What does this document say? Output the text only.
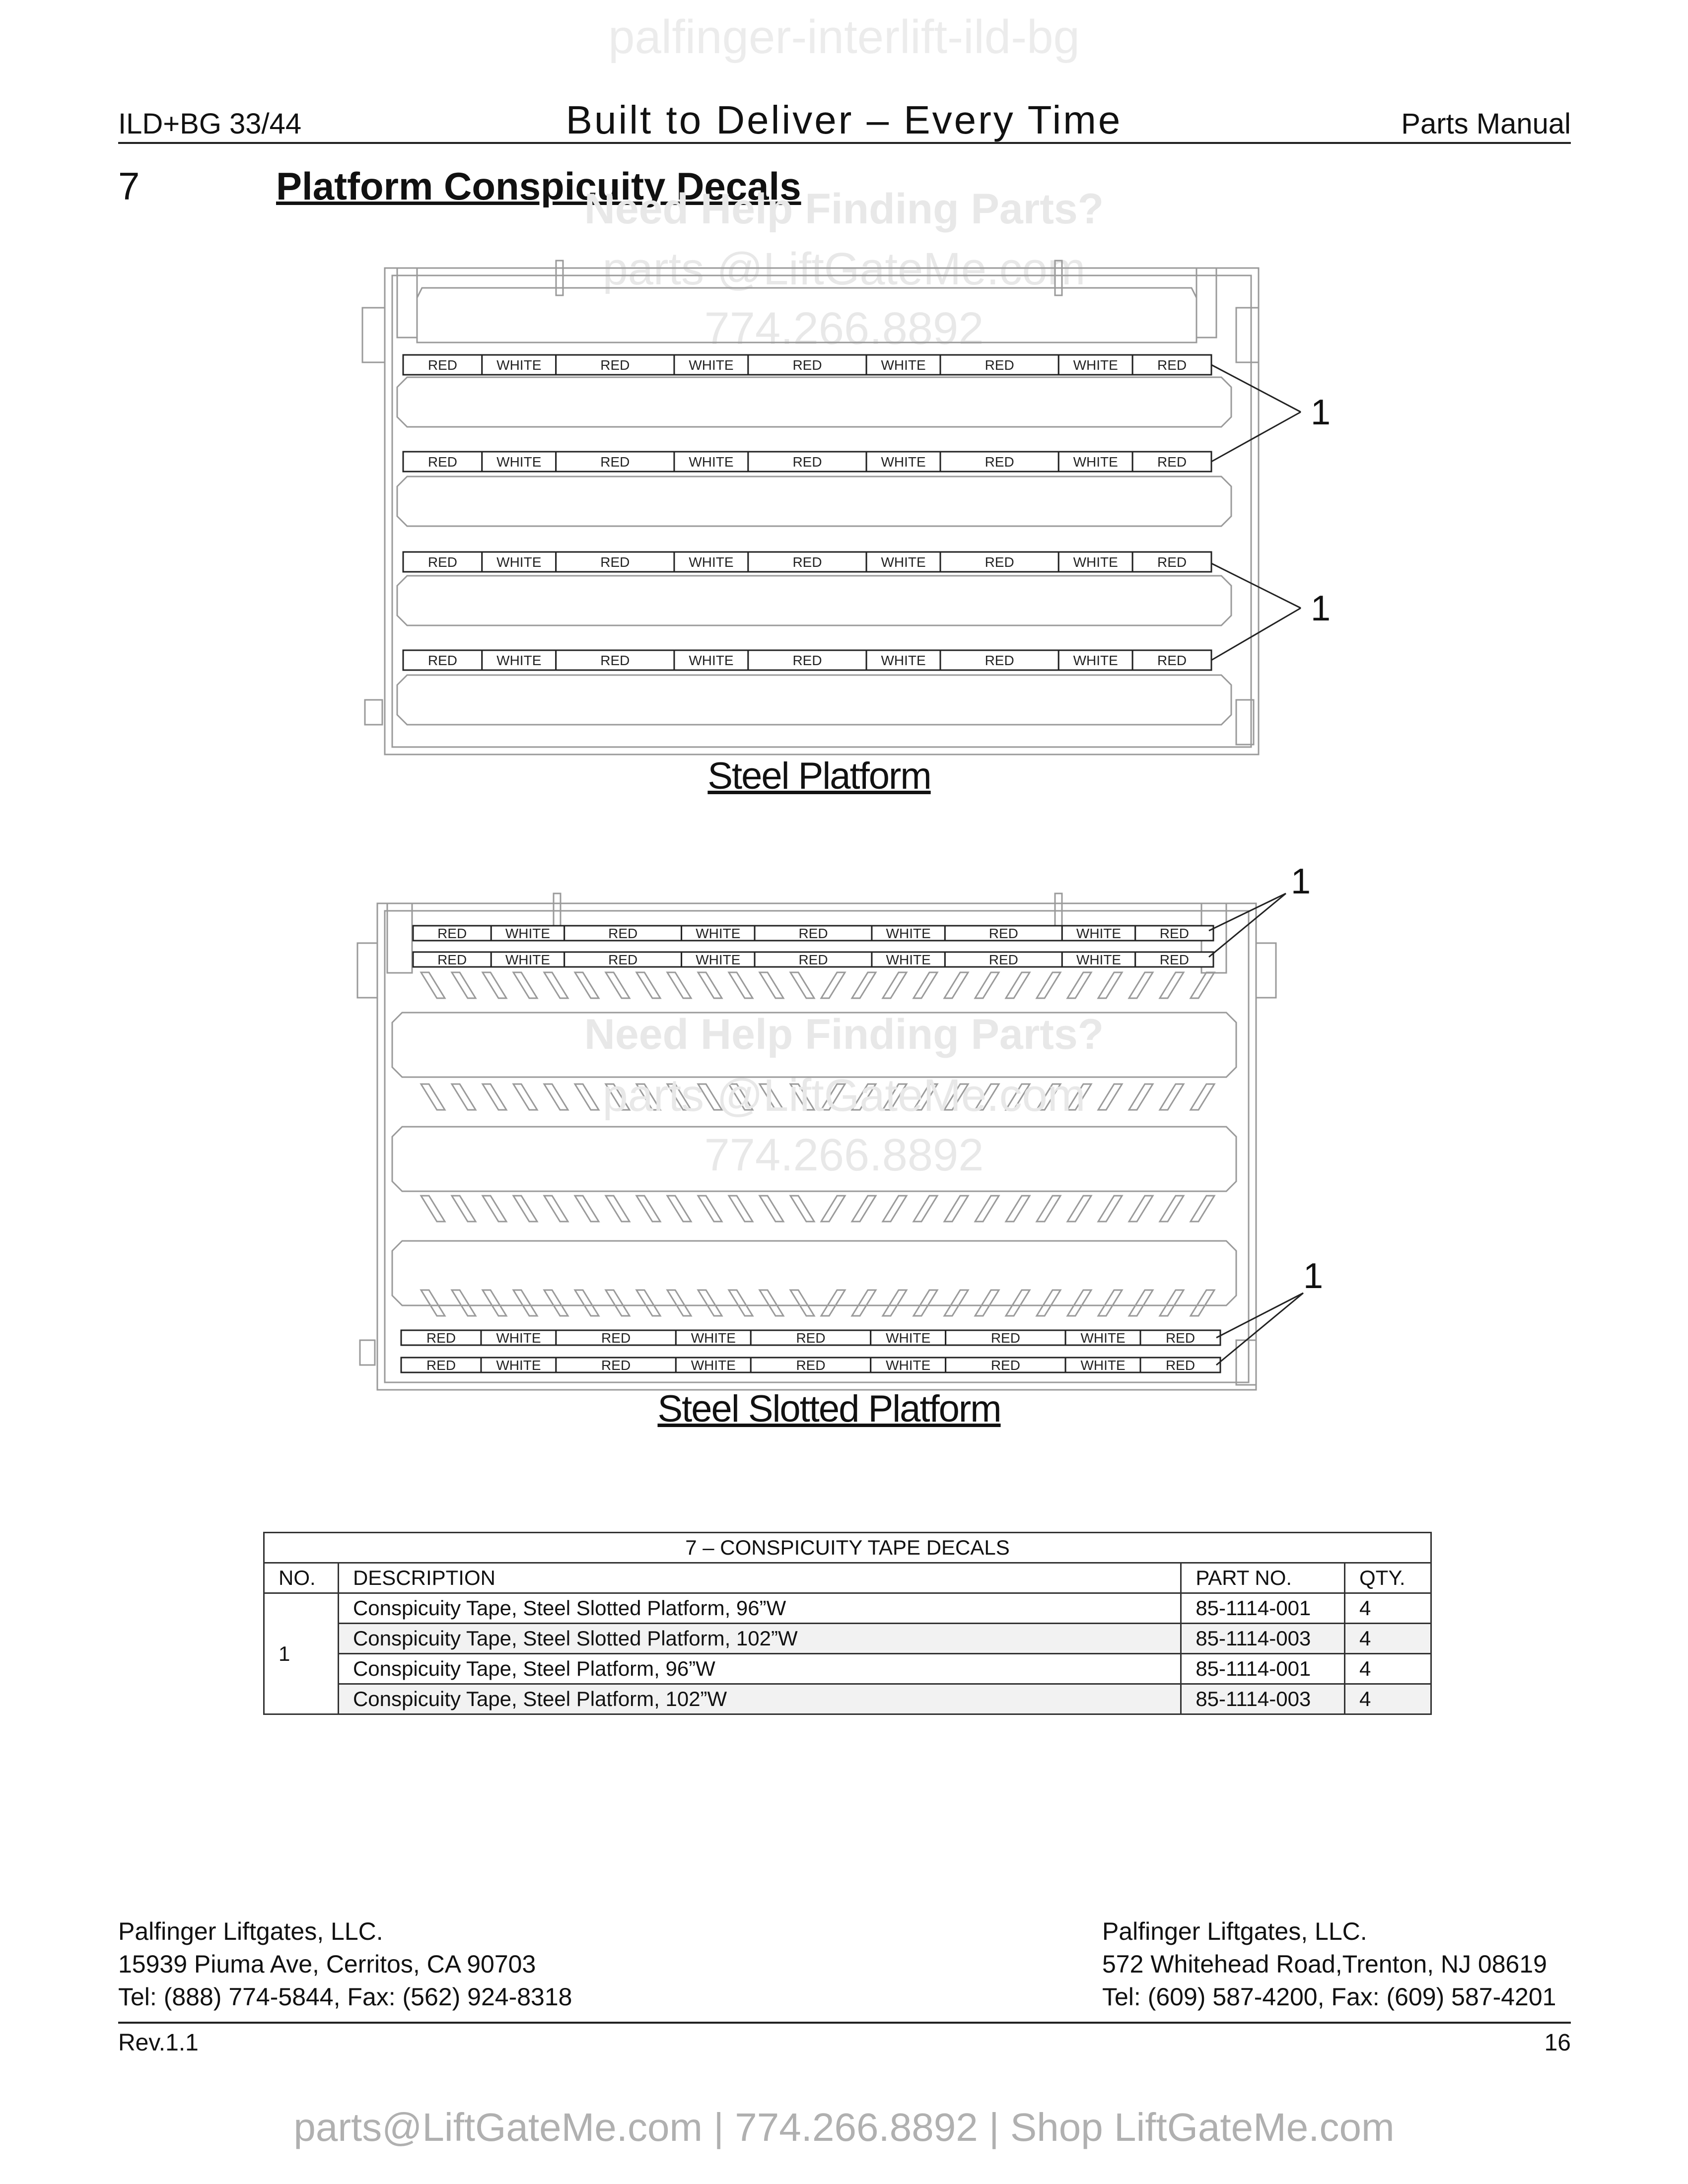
palfinger-interlift-ild-bg
ILD+BG 33/44	Built to Deliver – Every Time	Parts Manual
7	Platform Conspicuity Decals
Need Help Finding Parts?
parts @LiftGateMe.com
774.266.8892
RED	WHITE	RED	WHITE	RED	WHITE	RED	WHITE	RED
RED	WHITE	RED	WHITE	RED	WHITE	RED	WHITE	RED
RED	WHITE	RED	WHITE	RED	WHITE	RED	WHITE	RED
RED	WHITE	RED	WHITE	RED	WHITE	RED	WHITE	RED
1
1
Steel Platform
RED	WHITE	RED	WHITE	RED	WHITE	RED	WHITE	RED
RED	WHITE	RED	WHITE	RED	WHITE	RED	WHITE	RED
RED	WHITE	RED	WHITE	RED	WHITE	RED	WHITE	RED
RED	WHITE	RED	WHITE	RED	WHITE	RED	WHITE	RED
1
1
Steel Slotted Platform
Need Help Finding Parts?
parts @LiftGateMe.com
774.266.8892
7 – CONSPICUITY TAPE DECALS			
NO.	DESCRIPTION	PART NO.	QTY.
1	Conspicuity Tape, Steel Slotted Platform, 96”W	85-1114-001	4
	Conspicuity Tape, Steel Slotted Platform, 102”W	85-1114-003	4
	Conspicuity Tape, Steel Platform, 96”W	85-1114-001	4
	Conspicuity Tape, Steel Platform, 102”W	85-1114-003	4
Palfinger Liftgates, LLC.
15939 Piuma Ave, Cerritos, CA 90703
Tel: (888) 774-5844, Fax: (562) 924-8318
Palfinger Liftgates, LLC.
572 Whitehead Road,Trenton, NJ 08619
Tel: (609) 587-4200, Fax: (609) 587-4201
Rev.1.1	16
parts@LiftGateMe.com | 774.266.8892 | Shop LiftGateMe.com
